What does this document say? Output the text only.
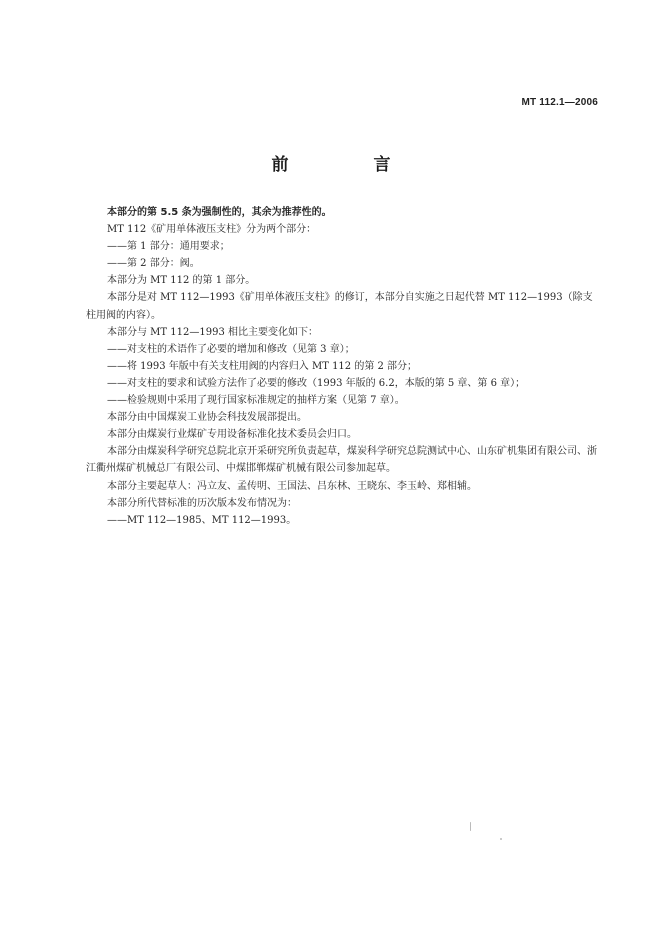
MT 112.1—2006
前　言

本部分的第 5.5 条为强制性的，其余为推荐性的。

MT 112《矿用单体液压支柱》分为两个部分：

——第 1 部分：通用要求；

——第 2 部分：阀。

本部分为 MT 112 的第 1 部分。

本部分是对 MT 112—1993《矿用单体液压支柱》的修订，本部分自实施之日起代替 MT 112—1993（除支柱用阀的内容）。

本部分与 MT 112—1993 相比主要变化如下：

——对支柱的术语作了必要的增加和修改（见第 3 章）；

——将 1993 年版中有关支柱用阀的内容归入 MT 112 的第 2 部分；

——对支柱的要求和试验方法作了必要的修改（1993 年版的 6.2，本版的第 5 章、第 6 章）；

——检验规则中采用了现行国家标准规定的抽样方案（见第 7 章）。

本部分由中国煤炭工业协会科技发展部提出。

本部分由煤炭行业煤矿专用设备标准化技术委员会归口。

本部分由煤炭科学研究总院北京开采研究所负责起草，煤炭科学研究总院测试中心、山东矿机集团有限公司、浙江衢州煤矿机械总厂有限公司、中煤邯郸煤矿机械有限公司参加起草。

本部分主要起草人：冯立友、孟传明、王国法、吕东林、王晓东、李玉岭、郑相辅。

本部分所代替标准的历次版本发布情况为：

——MT 112—1985、MT 112—1993。
